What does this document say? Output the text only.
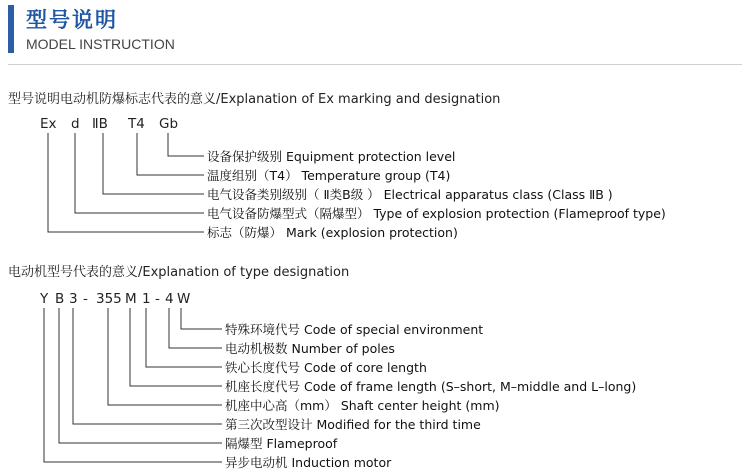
型号说明
MODEL INSTRUCTION
型号说明电动机防爆标志代表的意义/Explanation of Ex marking and designation
Ex d ⅡB T4 Gb
设备保护级别 Equipment protection level
温度组别（T4） Temperature group (T4)
电气设备类别级别（ Ⅱ类B级 ） Electrical apparatus class (Class ⅡB )
电气设备防爆型式（隔爆型） Type of explosion protection (Flameproof type)
标志（防爆） Mark (explosion protection)
电动机型号代表的意义/Explanation of type designation
Y B 3 - 355 M 1 - 4 W
特殊环境代号 Code of special environment
电动机极数 Number of poles
铁心长度代号 Code of core length
机座长度代号 Code of frame length (S–short, M–middle and L–long)
机座中心高（mm） Shaft center height (mm)
第三次改型设计 Modified for the third time
隔爆型 Flameproof
异步电动机 Induction motor
